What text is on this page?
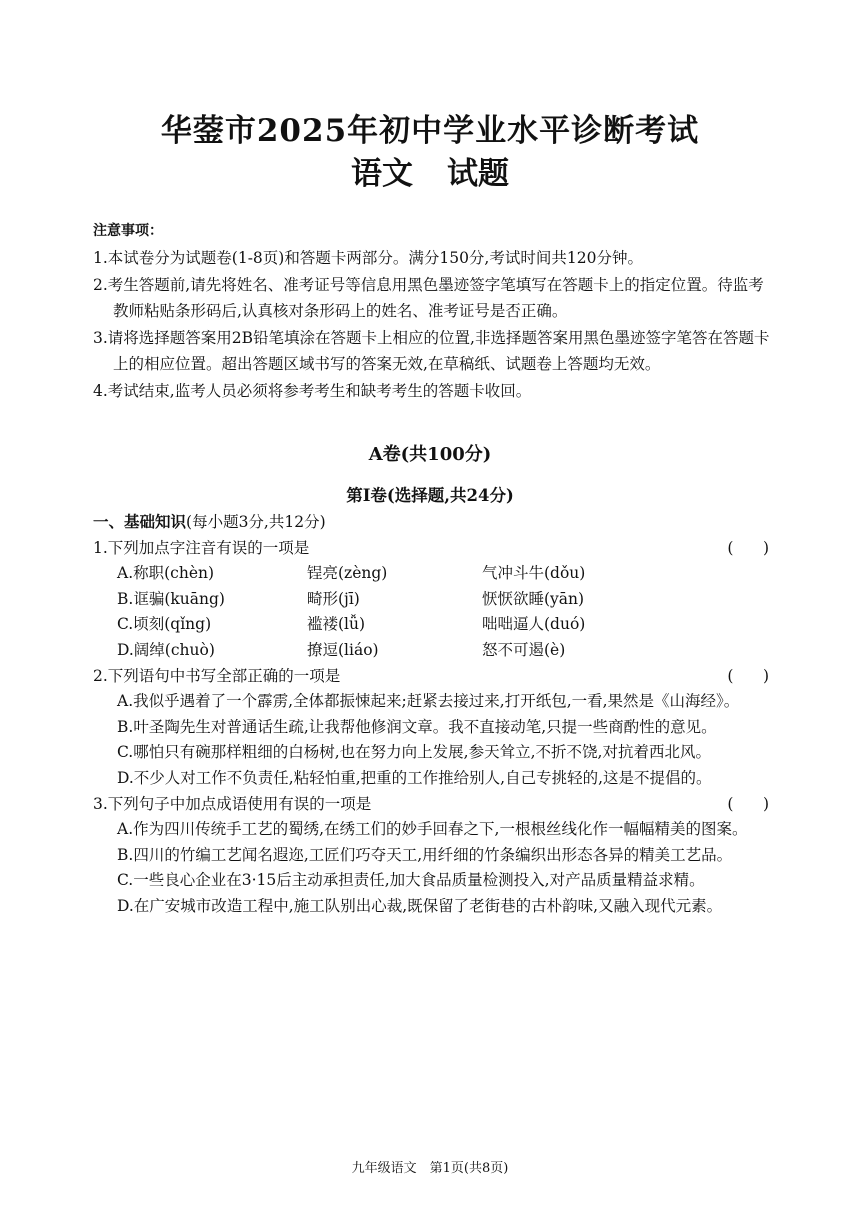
华蓥市2025年初中学业水平诊断考试
语文 试题
注意事项：

1.本试卷分为试题卷(1-8页)和答题卡两部分。满分150分,考试时间共120分钟。

2.考生答题前,请先将姓名、准考证号等信息用黑色墨迹签字笔填写在答题卡上的指定位置。待监考教师粘贴条形码后,认真核对条形码上的姓名、准考证号是否正确。

3.请将选择题答案用2B铅笔填涂在答题卡上相应的位置,非选择题答案用黑色墨迹签字笔答在答题卡上的相应位置。超出答题区域书写的答案无效,在草稿纸、试题卷上答题均无效。

4.考试结束,监考人员必须将参考考生和缺考考生的答题卡收回。

A卷(共100分)
第Ⅰ卷(选择题,共24分)

一、基础知识(每小题3分,共12分)

1.下列加点字注音有误的一项是	(      )

A.称职(chèn)	锃亮(zèng)	气冲斗牛(dǒu)
B.诓骗(kuāng)	畸形(jī)	恹恹欲睡(yān)
C.顷刻(qǐng)	褴褛(lǚ)	咄咄逼人(duó)
D.阔绰(chuò)	撩逗(liáo)	怒不可遏(è)

2.下列语句中书写全部正确的一项是	(      )

A.我似乎遇着了一个霹雳,全体都振悚起来;赶紧去接过来,打开纸包,一看,果然是《山海经》。

B.叶圣陶先生对普通话生疏,让我帮他修润文章。我不直接动笔,只提一些商酌性的意见。

C.哪怕只有碗那样粗细的白杨树,也在努力向上发展,参天耸立,不折不饶,对抗着西北风。

D.不少人对工作不负责任,粘轻怕重,把重的工作推给别人,自己专挑轻的,这是不提倡的。

3.下列句子中加点成语使用有误的一项是	(      )

A.作为四川传统手工艺的蜀绣,在绣工们的妙手回春之下,一根根丝线化作一幅幅精美的图案。

B.四川的竹编工艺闻名遐迩,工匠们巧夺天工,用纤细的竹条编织出形态各异的精美工艺品。

C.一些良心企业在3·15后主动承担责任,加大食品质量检测投入,对产品质量精益求精。

D.在广安城市改造工程中,施工队别出心裁,既保留了老街巷的古朴韵味,又融入现代元素。

九年级语文　第1页(共8页)
